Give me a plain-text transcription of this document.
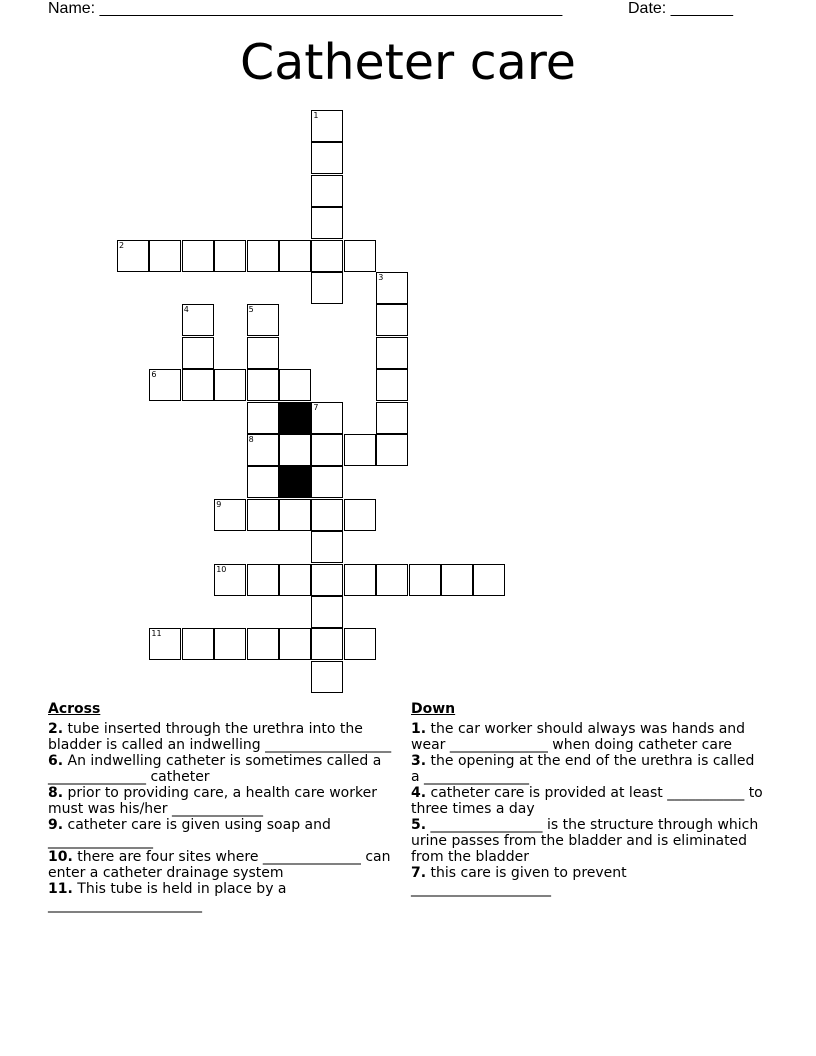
Name: ____________________________________________________	Date: _______
Catheter care
1
2
3
4	5
6
7
8
9
10
11
Across
2. tube inserted through the urethra into the bladder is called an indwelling __________________
6. An indwelling catheter is sometimes called a ______________ catheter
8. prior to providing care, a health care worker must was his/her _____________
9. catheter care is given using soap and _______________
10. there are four sites where ______________ can enter a catheter drainage system
11. This tube is held in place by a ______________________
Down
1. the car worker should always was hands and wear ______________ when doing catheter care
3. the opening at the end of the urethra is called a _______________
4. catheter care is provided at least ___________ to three times a day
5. ________________ is the structure through which urine passes from the bladder and is eliminated from the bladder
7. this care is given to prevent ____________________
